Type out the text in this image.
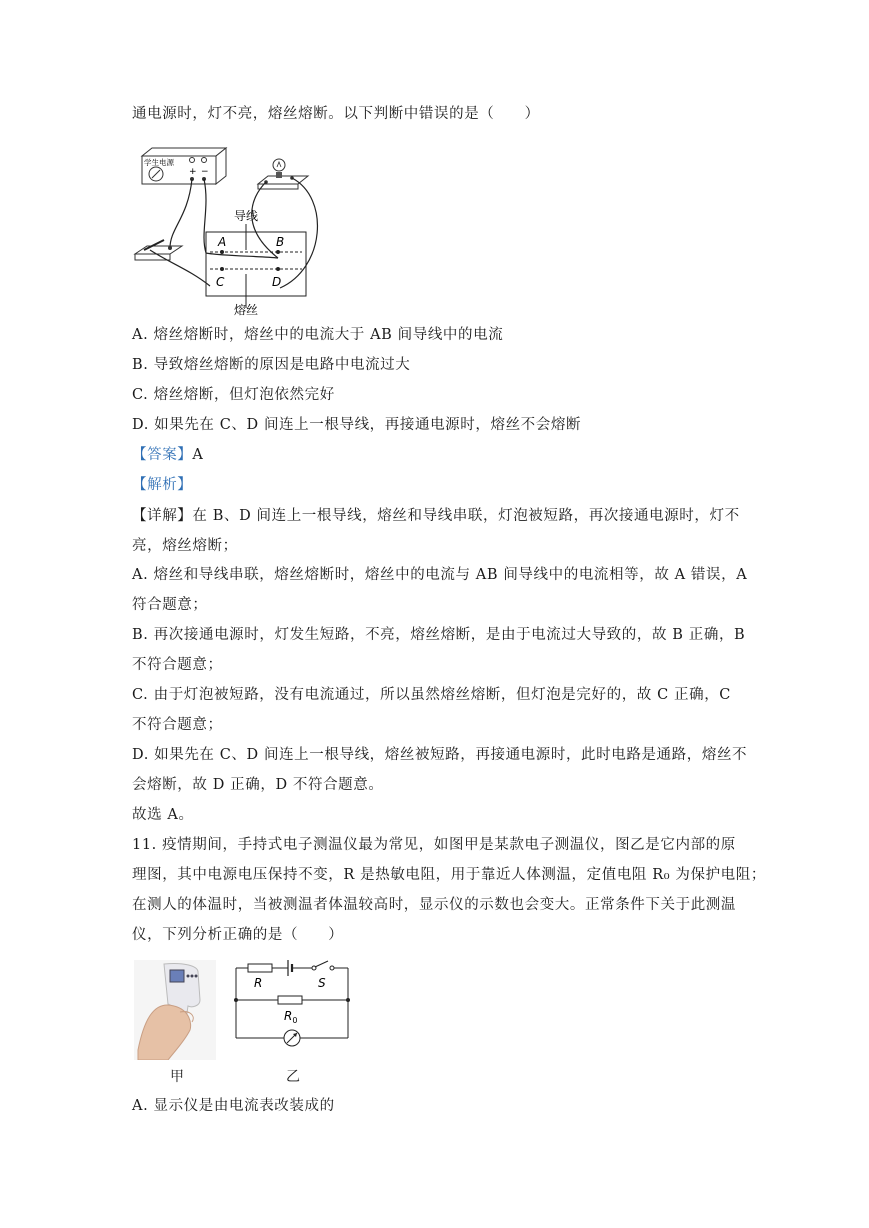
通电源时，灯不亮，熔丝熔断。以下判断中错误的是（　　）
学生电源
+ −
导线
A	B
C	D
熔丝
A. 熔丝熔断时，熔丝中的电流大于 AB 间导线中的电流
B. 导致熔丝熔断的原因是电路中电流过大
C. 熔丝熔断，但灯泡依然完好
D. 如果先在 C、D 间连上一根导线，再接通电源时，熔丝不会熔断
【答案】A
【解析】
【详解】在 B、D 间连上一根导线，熔丝和导线串联，灯泡被短路，再次接通电源时，灯不
亮，熔丝熔断；
A. 熔丝和导线串联，熔丝熔断时，熔丝中的电流与 AB 间导线中的电流相等，故 A 错误，A
符合题意；
B. 再次接通电源时，灯发生短路，不亮，熔丝熔断，是由于电流过大导致的，故 B 正确，B
不符合题意；
C. 由于灯泡被短路，没有电流通过，所以虽然熔丝熔断，但灯泡是完好的，故 C 正确，C
不符合题意；
D. 如果先在 C、D 间连上一根导线，熔丝被短路，再接通电源时，此时电路是通路，熔丝不
会熔断，故 D 正确，D 不符合题意。
故选 A。
11. 疫情期间，手持式电子测温仪最为常见，如图甲是某款电子测温仪，图乙是它内部的原
理图，其中电源电压保持不变，R 是热敏电阻，用于靠近人体测温，定值电阻 R₀ 为保护电阻；
在测人的体温时，当被测温者体温较高时，显示仪的示数也会变大。正常条件下关于此测温
仪，下列分析正确的是（　　）
甲
R	S
$R_0$
乙
A. 显示仪是由电流表改装成的
